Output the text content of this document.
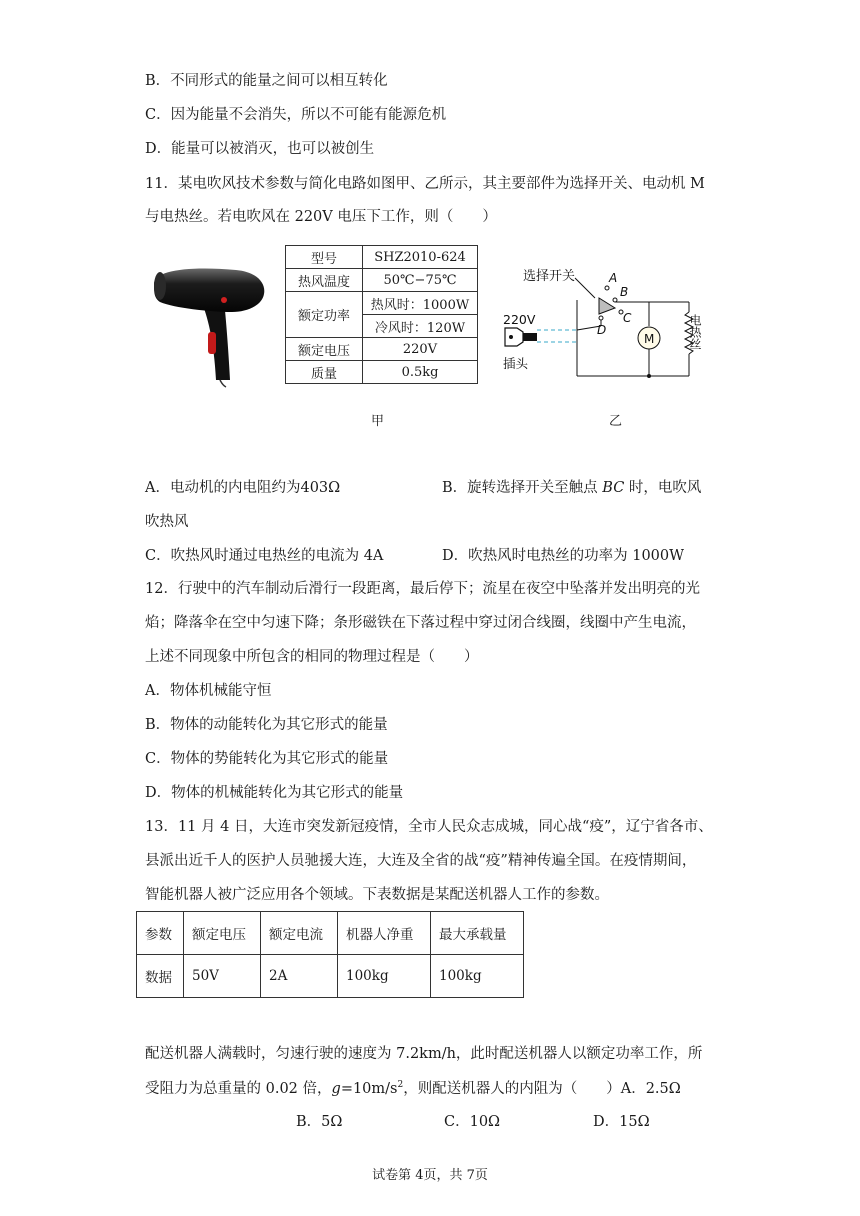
B．不同形式的能量之间可以相互转化
C．因为能量不会消失，所以不可能有能源危机
D．能量可以被消灭，也可以被创生
11．某电吹风技术参数与简化电路如图甲、乙所示，其主要部件为选择开关、电动机 M
与电热丝。若电吹风在 220V 电压下工作，则（　　）
型号	SHZ2010-624
热风温度	50℃−75℃
额定功率	热风时：1000W
	冷风时：120W
额定电压	220V
质量	0.5kg
甲
选择开关	A
B
C
D
M	电热丝
220V
插头
乙
A．电动机的内电阻约为403Ω	B．旋转选择开关至触点 BC 时，电吹风
吹热风
C．吹热风时通过电热丝的电流为 4A	D．吹热风时电热丝的功率为 1000W
12．行驶中的汽车制动后滑行一段距离，最后停下；流星在夜空中坠落并发出明亮的光
焰；降落伞在空中匀速下降；条形磁铁在下落过程中穿过闭合线圈，线圈中产生电流，
上述不同现象中所包含的相同的物理过程是（　　）
A．物体机械能守恒
B．物体的动能转化为其它形式的能量
C．物体的势能转化为其它形式的能量
D．物体的机械能转化为其它形式的能量
13．11 月 4 日，大连市突发新冠疫情，全市人民众志成城，同心战“疫”，辽宁省各市、
县派出近千人的医护人员驰援大连，大连及全省的战“疫”精神传遍全国。在疫情期间，
智能机器人被广泛应用各个领域。下表数据是某配送机器人工作的参数。
参数	额定电压	额定电流	机器人净重	最大承载量
数据	50V	2A	100kg	100kg
配送机器人满载时，匀速行驶的速度为 7.2km/h，此时配送机器人以额定功率工作，所
受阻力为总重量的 0.02 倍，$g=10m/s^2$，则配送机器人的内阻为（　　）A．2.5Ω
B．5Ω	C．10Ω	D．15Ω
试卷第 4页，共 7页
